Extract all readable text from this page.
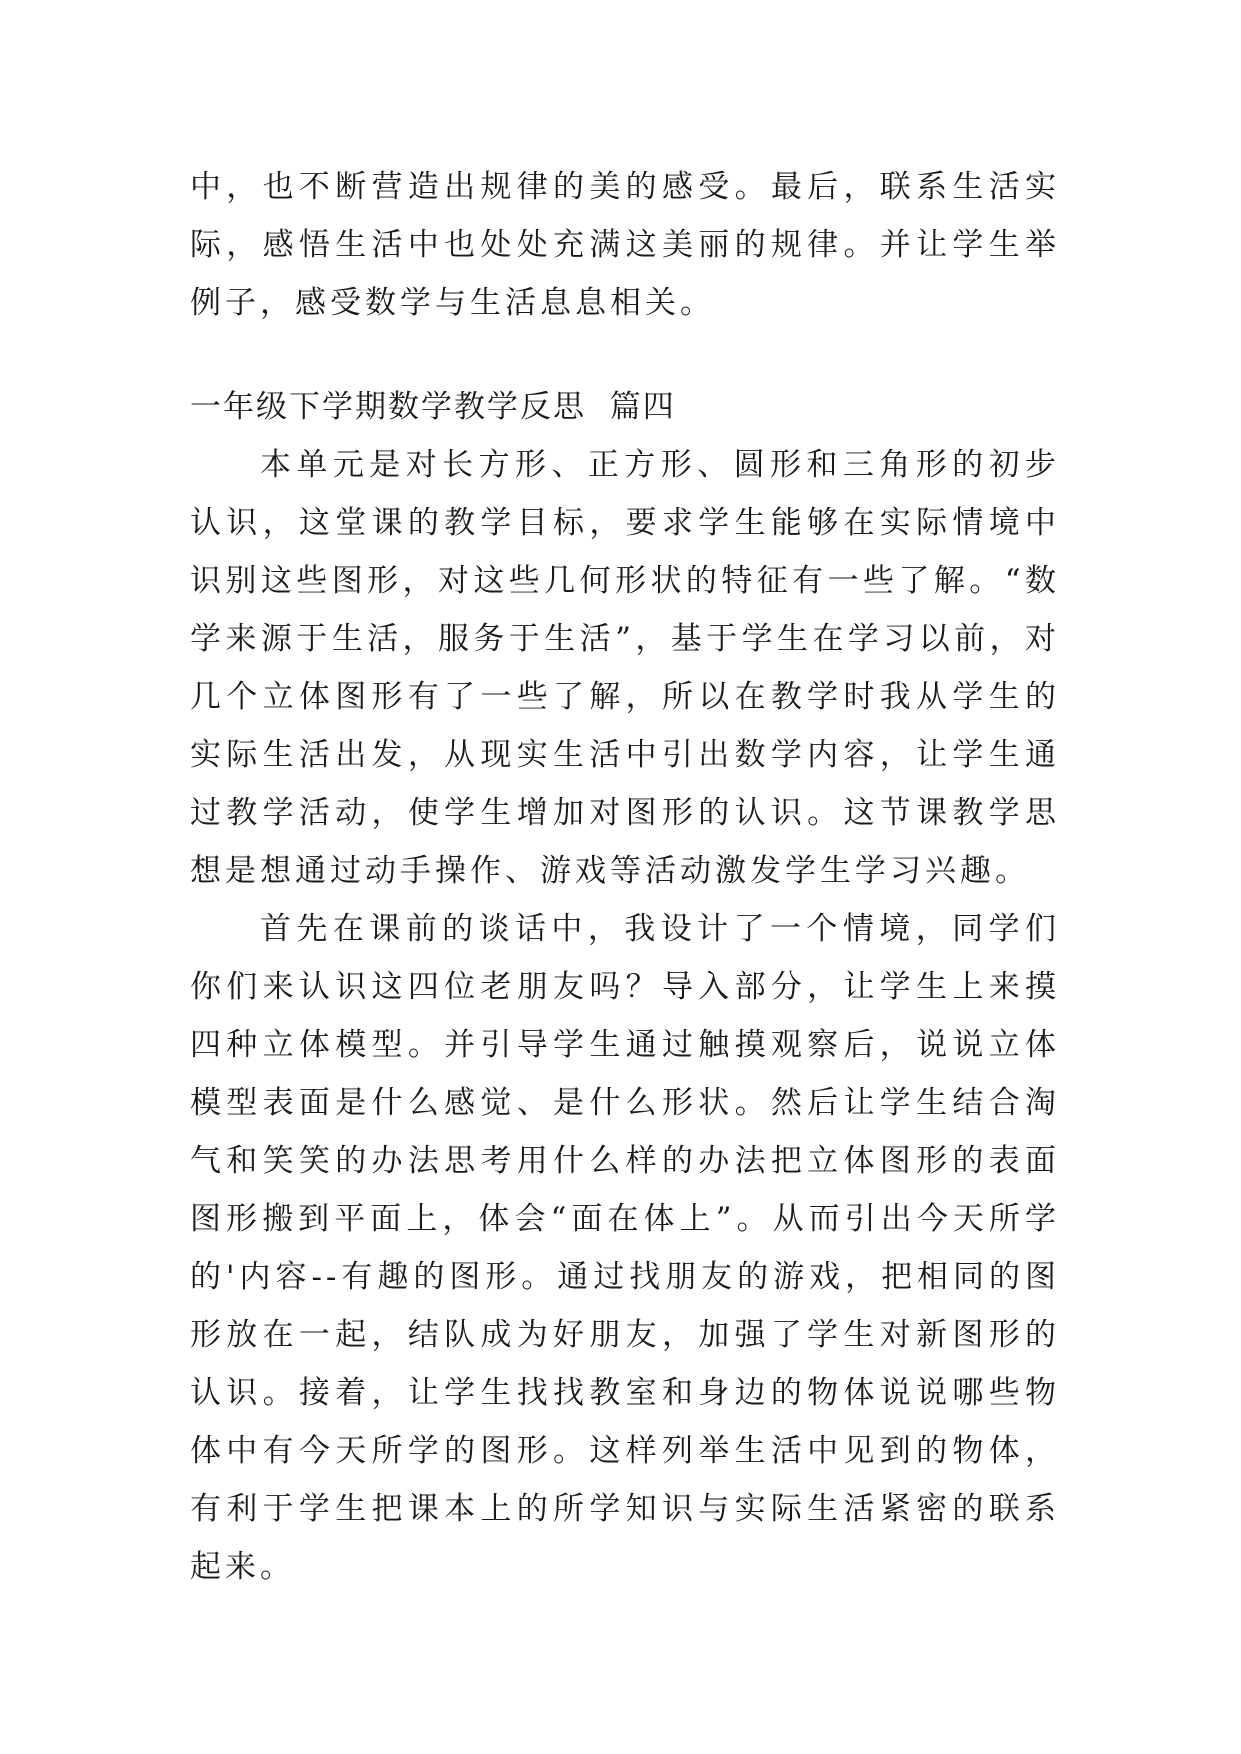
中，也不断营造出规律的美的感受。最后，联系生活实际，感悟生活中也处处充满这美丽的规律。并让学生举例子，感受数学与生活息息相关。

一年级下学期数学教学反思  篇四

本单元是对长方形、正方形、圆形和三角形的初步认识，这堂课的教学目标，要求学生能够在实际情境中识别这些图形，对这些几何形状的特征有一些了解。“数学来源于生活，服务于生活”，基于学生在学习以前，对几个立体图形有了一些了解，所以在教学时我从学生的实际生活出发，从现实生活中引出数学内容，让学生通过教学活动，使学生增加对图形的认识。这节课教学思想是想通过动手操作、游戏等活动激发学生学习兴趣。

首先在课前的谈话中，我设计了一个情境，同学们你们来认识这四位老朋友吗？导入部分，让学生上来摸四种立体模型。并引导学生通过触摸观察后，说说立体模型表面是什么感觉、是什么形状。然后让学生结合淘气和笑笑的办法思考用什么样的办法把立体图形的表面图形搬到平面上，体会“面在体上”。从而引出今天所学的'内容--有趣的图形。通过找朋友的游戏，把相同的图形放在一起，结队成为好朋友，加强了学生对新图形的认识。接着，让学生找找教室和身边的物体说说哪些物体中有今天所学的图形。这样列举生活中见到的物体，有利于学生把课本上的所学知识与实际生活紧密的联系起来。
